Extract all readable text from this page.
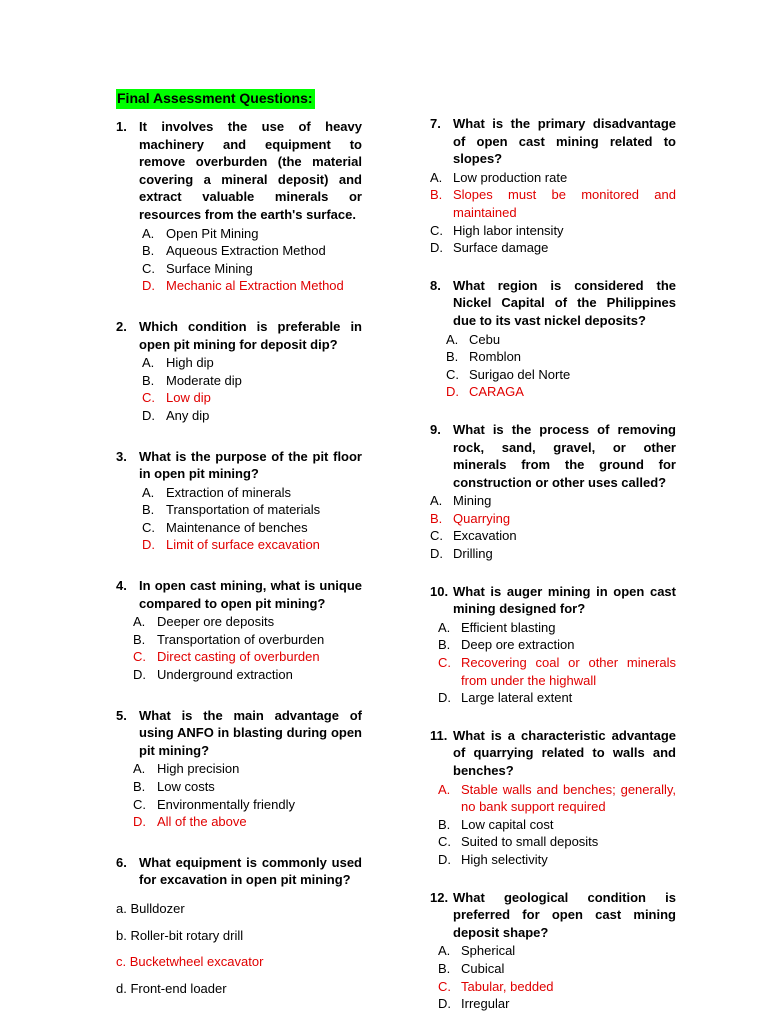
Final Assessment Questions:
1. It involves the use of heavy machinery and equipment to remove overburden (the material covering a mineral deposit) and extract valuable minerals or resources from the earth's surface.
A. Open Pit Mining
B. Aqueous Extraction Method
C. Surface Mining
D. Mechanic al Extraction Method
2. Which condition is preferable in open pit mining for deposit dip?
A. High dip
B. Moderate dip
C. Low dip
D. Any dip
3. What is the purpose of the pit floor in open pit mining?
A. Extraction of minerals
B. Transportation of materials
C. Maintenance of benches
D. Limit of surface excavation
4. In open cast mining, what is unique compared to open pit mining?
A. Deeper ore deposits
B. Transportation of overburden
C. Direct casting of overburden
D. Underground extraction
5. What is the main advantage of using ANFO in blasting during open pit mining?
A. High precision
B. Low costs
C. Environmentally friendly
D. All of the above
6. What equipment is commonly used for excavation in open pit mining?
a. Bulldozer
b. Roller-bit rotary drill
c. Bucketwheel excavator
d. Front-end loader
7. What is the primary disadvantage of open cast mining related to slopes?
A. Low production rate
B. Slopes must be monitored and maintained
C. High labor intensity
D. Surface damage
8. What region is considered the Nickel Capital of the Philippines due to its vast nickel deposits?
A. Cebu
B. Romblon
C. Surigao del Norte
D. CARAGA
9. What is the process of removing rock, sand, gravel, or other minerals from the ground for construction or other uses called?
A. Mining
B. Quarrying
C. Excavation
D. Drilling
10. What is auger mining in open cast mining designed for?
A. Efficient blasting
B. Deep ore extraction
C. Recovering coal or other minerals from under the highwall
D. Large lateral extent
11. What is a characteristic advantage of quarrying related to walls and benches?
A. Stable walls and benches; generally, no bank support required
B. Low capital cost
C. Suited to small deposits
D. High selectivity
12. What geological condition is preferred for open cast mining deposit shape?
A. Spherical
B. Cubical
C. Tabular, bedded
D. Irregular
